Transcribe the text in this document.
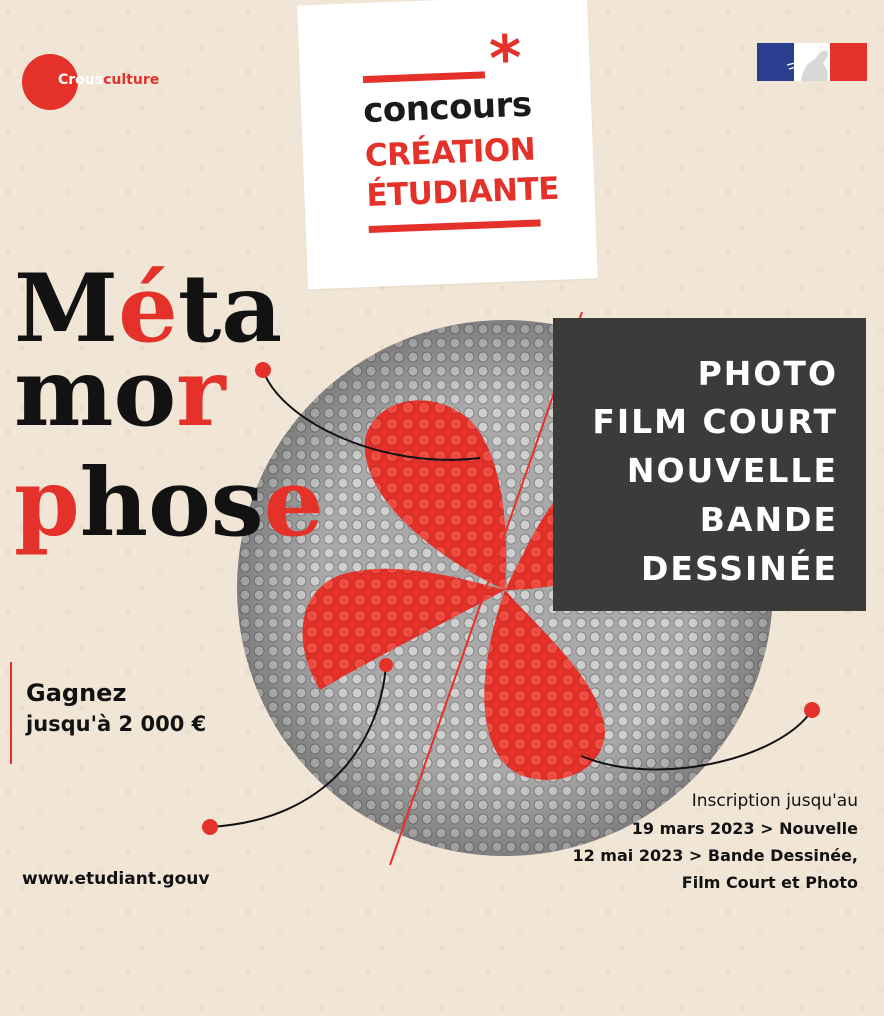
Crousculture	*
concours
CRÉATION
ÉTUDIANTE
Méta
mor
phose
PHOTO
FILM COURT
NOUVELLE
BANDE
DESSINÉE
Gagnez
jusqu'à 2 000 €
www.etudiant.gouv
Inscription jusqu'au
19 mars 2023 > Nouvelle
12 mai 2023 > Bande Dessinée,
Film Court et Photo
